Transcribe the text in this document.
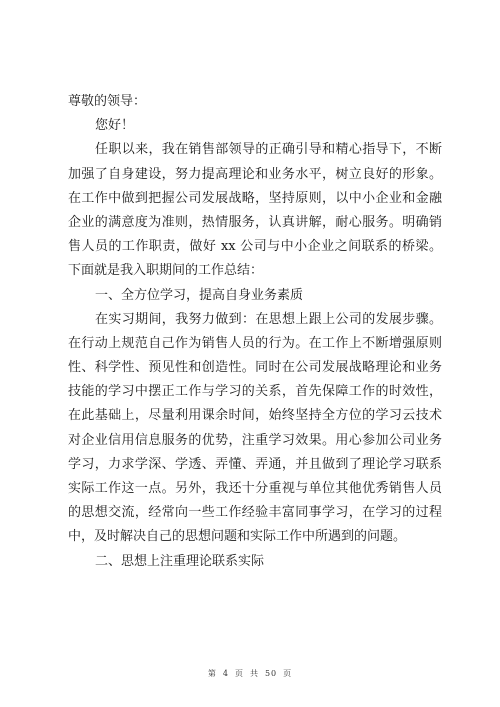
尊敬的领导：
您好！
任职以来，我在销售部领导的正确引导和精心指导下，不断
加强了自身建设，努力提高理论和业务水平，树立良好的形象。
在工作中做到把握公司发展战略，坚持原则，以中小企业和金融
企业的满意度为准则，热情服务，认真讲解，耐心服务。明确销
售人员的工作职责，做好 xx 公司与中小企业之间联系的桥梁。
下面就是我入职期间的工作总结：
一、全方位学习，提高自身业务素质
在实习期间，我努力做到：在思想上跟上公司的发展步骤。
在行动上规范自己作为销售人员的行为。在工作上不断增强原则
性、科学性、预见性和创造性。同时在公司发展战略理论和业务
技能的学习中摆正工作与学习的关系，首先保障工作的时效性，
在此基础上，尽量利用课余时间，始终坚持全方位的学习云技术
对企业信用信息服务的优势，注重学习效果。用心参加公司业务
学习，力求学深、学透、弄懂、弄通，并且做到了理论学习联系
实际工作这一点。另外，我还十分重视与单位其他优秀销售人员
的思想交流，经常向一些工作经验丰富同事学习，在学习的过程
中，及时解决自己的思想问题和实际工作中所遇到的问题。
二、思想上注重理论联系实际
第 4 页 共 50 页
